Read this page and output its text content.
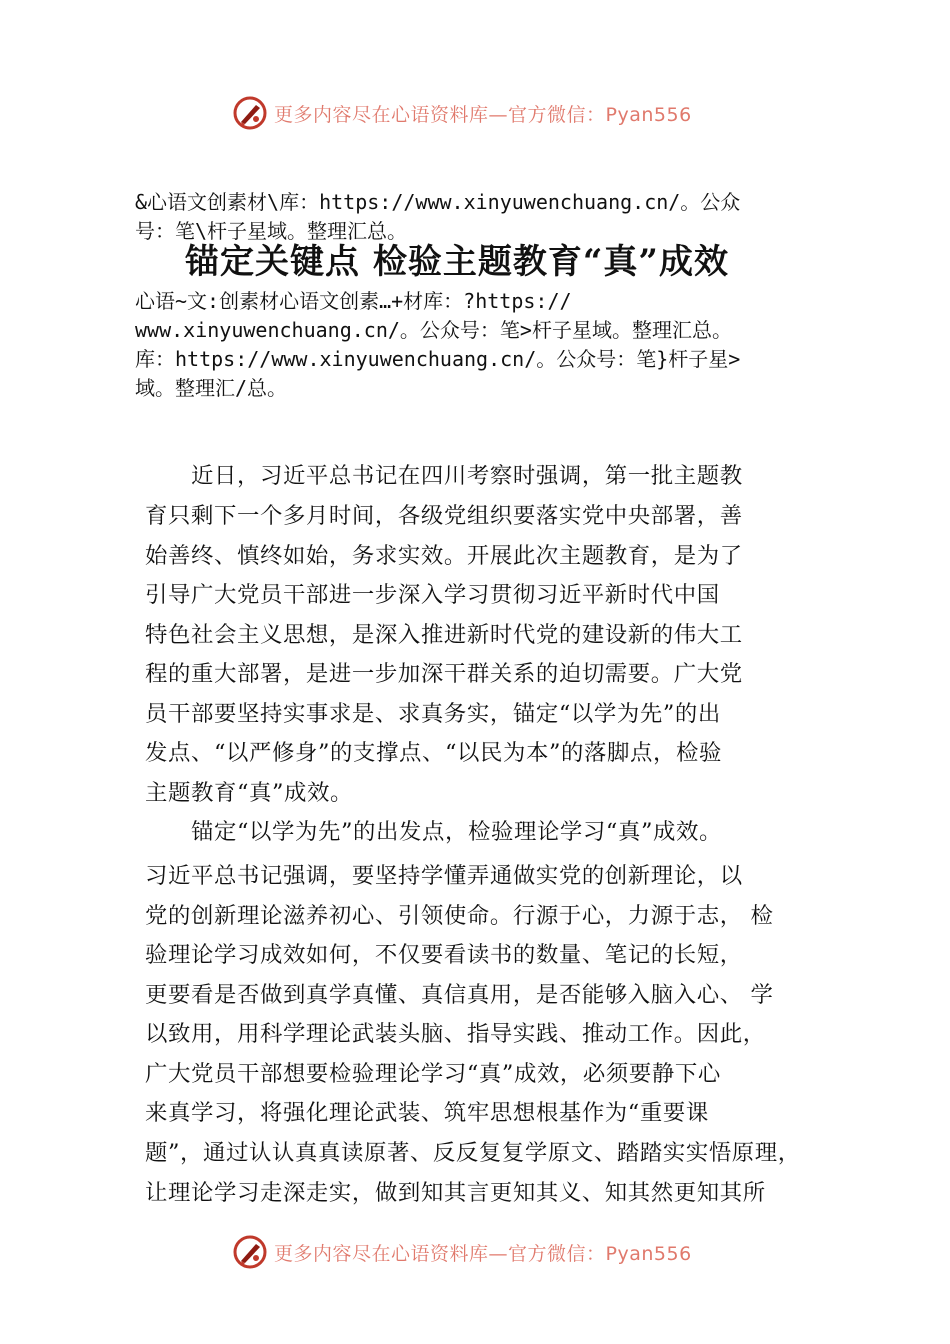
更多内容尽在心语资料库—官方微信：Pyan556
&心语文创素材\库：https://www.xinyuwenchuang.cn/。公众
号：笔\杆子星域。整理汇总。
锚定关键点 检验主题教育“真”成效
心语~文:创素材心语文创素…+材库：?https://
www.xinyuwenchuang.cn/。公众号：笔>杆子星域。整理汇总。
库：https://www.xinyuwenchuang.cn/。公众号：笔}杆子星>
域。整理汇/总。
　　近日，习近平总书记在四川考察时强调，第一批主题教
育只剩下一个多月时间，各级党组织要落实党中央部署，善
始善终、慎终如始，务求实效。开展此次主题教育，是为了
引导广大党员干部进一步深入学习贯彻习近平新时代中国
特色社会主义思想，是深入推进新时代党的建设新的伟大工
程的重大部署，是进一步加深干群关系的迫切需要。广大党
员干部要坚持实事求是、求真务实，锚定“以学为先”的出
发点、“以严修身”的支撑点、“以民为本”的落脚点，检验
主题教育“真”成效。
　　锚定“以学为先”的出发点，检验理论学习“真”成效。
习近平总书记强调，要坚持学懂弄通做实党的创新理论，以
党的创新理论滋养初心、引领使命。行源于心，力源于志， 检
验理论学习成效如何，不仅要看读书的数量、笔记的长短，
更要看是否做到真学真懂、真信真用，是否能够入脑入心、 学
以致用，用科学理论武装头脑、指导实践、推动工作。因此，
广大党员干部想要检验理论学习“真”成效，必须要静下心
来真学习，将强化理论武装、筑牢思想根基作为“重要课
题”，通过认认真真读原著、反反复复学原文、踏踏实实悟原理，
让理论学习走深走实，做到知其言更知其义、知其然更知其所
更多内容尽在心语资料库—官方微信：Pyan556
